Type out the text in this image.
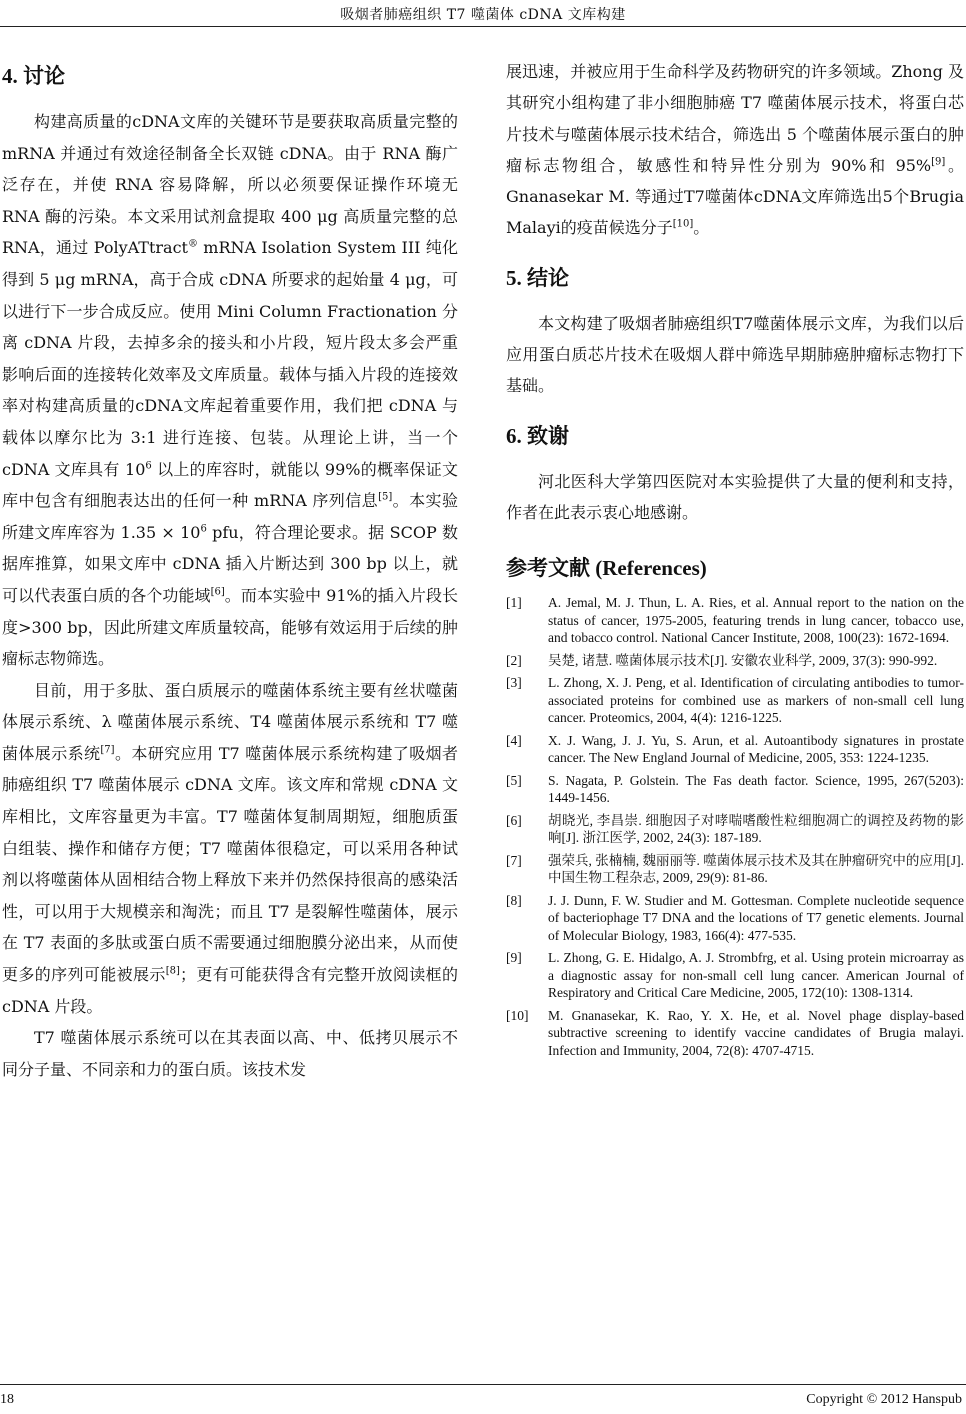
吸烟者肺癌组织 T7 噬菌体 cDNA 文库构建
4. 讨论

构建高质量的cDNA文库的关键环节是要获取高质量完整的 mRNA 并通过有效途径制备全长双链 cDNA。由于 RNA 酶广泛存在，并使 RNA 容易降解，所以必须要保证操作环境无 RNA 酶的污染。本文采用试剂盒提取 400 μg 高质量完整的总 RNA，通过 PolyATtract® mRNA Isolation System III 纯化得到 5 μg mRNA，高于合成 cDNA 所要求的起始量 4 μg，可以进行下一步合成反应。使用 Mini Column Fractionation 分离 cDNA 片段，去掉多余的接头和小片段，短片段太多会严重影响后面的连接转化效率及文库质量。载体与插入片段的连接效率对构建高质量的cDNA文库起着重要作用，我们把 cDNA 与载体以摩尔比为 3:1 进行连接、包装。从理论上讲，当一个 cDNA 文库具有 $10^6$ 以上的库容时，就能以 99%的概率保证文库中包含有细胞表达出的任何一种 mRNA 序列信息[5]。本实验所建文库库容为 $1.35 \times 10^6$ pfu，符合理论要求。据 SCOP 数据库推算，如果文库中 cDNA 插入片断达到 300 bp 以上，就可以代表蛋白质的各个功能域[6]。而本实验中 91%的插入片段长度>300 bp，因此所建文库质量较高，能够有效运用于后续的肿瘤标志物筛选。

目前，用于多肽、蛋白质展示的噬菌体系统主要有丝状噬菌体展示系统、λ 噬菌体展示系统、T4 噬菌体展示系统和 T7 噬菌体展示系统[7]。本研究应用 T7 噬菌体展示系统构建了吸烟者肺癌组织 T7 噬菌体展示 cDNA 文库。该文库和常规 cDNA 文库相比，文库容量更为丰富。T7 噬菌体复制周期短，细胞质蛋白组装、操作和储存方便；T7 噬菌体很稳定，可以采用各种试剂以将噬菌体从固相结合物上释放下来并仍然保持很高的感染活性，可以用于大规模亲和淘洗；而且 T7 是裂解性噬菌体，展示在 T7 表面的多肽或蛋白质不需要通过细胞膜分泌出来，从而使更多的序列可能被展示[8]；更有可能获得含有完整开放阅读框的 cDNA 片段。

T7 噬菌体展示系统可以在其表面以高、中、低拷贝展示不同分子量、不同亲和力的蛋白质。该技术发

展迅速，并被应用于生命科学及药物研究的许多领域。Zhong 及其研究小组构建了非小细胞肺癌 T7 噬菌体展示技术，将蛋白芯片技术与噬菌体展示技术结合，筛选出 5 个噬菌体展示蛋白的肿瘤标志物组合，敏感性和特异性分别为 90%和 95%[9]。Gnanasekar M. 等通过T7噬菌体cDNA文库筛选出5个Brugia Malayi的疫苗候选分子[10]。

5. 结论

本文构建了吸烟者肺癌组织T7噬菌体展示文库，为我们以后应用蛋白质芯片技术在吸烟人群中筛选早期肺癌肿瘤标志物打下基础。

6. 致谢

河北医科大学第四医院对本实验提供了大量的便利和支持，作者在此表示衷心地感谢。

参考文献 (References)
[1]	A. Jemal, M. J. Thun, L. A. Ries, et al. Annual report to the nation on the status of cancer, 1975-2005, featuring trends in lung cancer, tobacco use, and tobacco control. National Cancer Institute, 2008, 100(23): 1672-1694.
[2]	吴楚, 诸慧. 噬菌体展示技术[J]. 安徽农业科学, 2009, 37(3): 990-992.
[3]	L. Zhong, X. J. Peng, et al. Identification of circulating antibodies to tumor-associated proteins for combined use as markers of non-small cell lung cancer. Proteomics, 2004, 4(4): 1216-1225.
[4]	X. J. Wang, J. J. Yu, S. Arun, et al. Autoantibody signatures in prostate cancer. The New England Journal of Medicine, 2005, 353: 1224-1235.
[5]	S. Nagata, P. Golstein. The Fas death factor. Science, 1995, 267(5203): 1449-1456.
[6]	胡晓光, 李昌崇. 细胞因子对哮喘嗜酸性粒细胞凋亡的调控及药物的影响[J]. 浙江医学, 2002, 24(3): 187-189.
[7]	强荣兵, 张楠楠, 魏丽丽等. 噬菌体展示技术及其在肿瘤研究中的应用[J]. 中国生物工程杂志, 2009, 29(9): 81-86.
[8]	J. J. Dunn, F. W. Studier and M. Gottesman. Complete nucleotide sequence of bacteriophage T7 DNA and the locations of T7 genetic elements. Journal of Molecular Biology, 1983, 166(4): 477-535.
[9]	L. Zhong, G. E. Hidalgo, A. J. Strombfrg, et al. Using protein microarray as a diagnostic assay for non-small cell lung cancer. American Journal of Respiratory and Critical Care Medicine, 2005, 172(10): 1308-1314.
[10]	M. Gnanasekar, K. Rao, Y. X. He, et al. Novel phage display-based subtractive screening to identify vaccine candidates of Brugia malayi. Infection and Immunity, 2004, 72(8): 4707-4715.
18	Copyright © 2012 Hanspub
